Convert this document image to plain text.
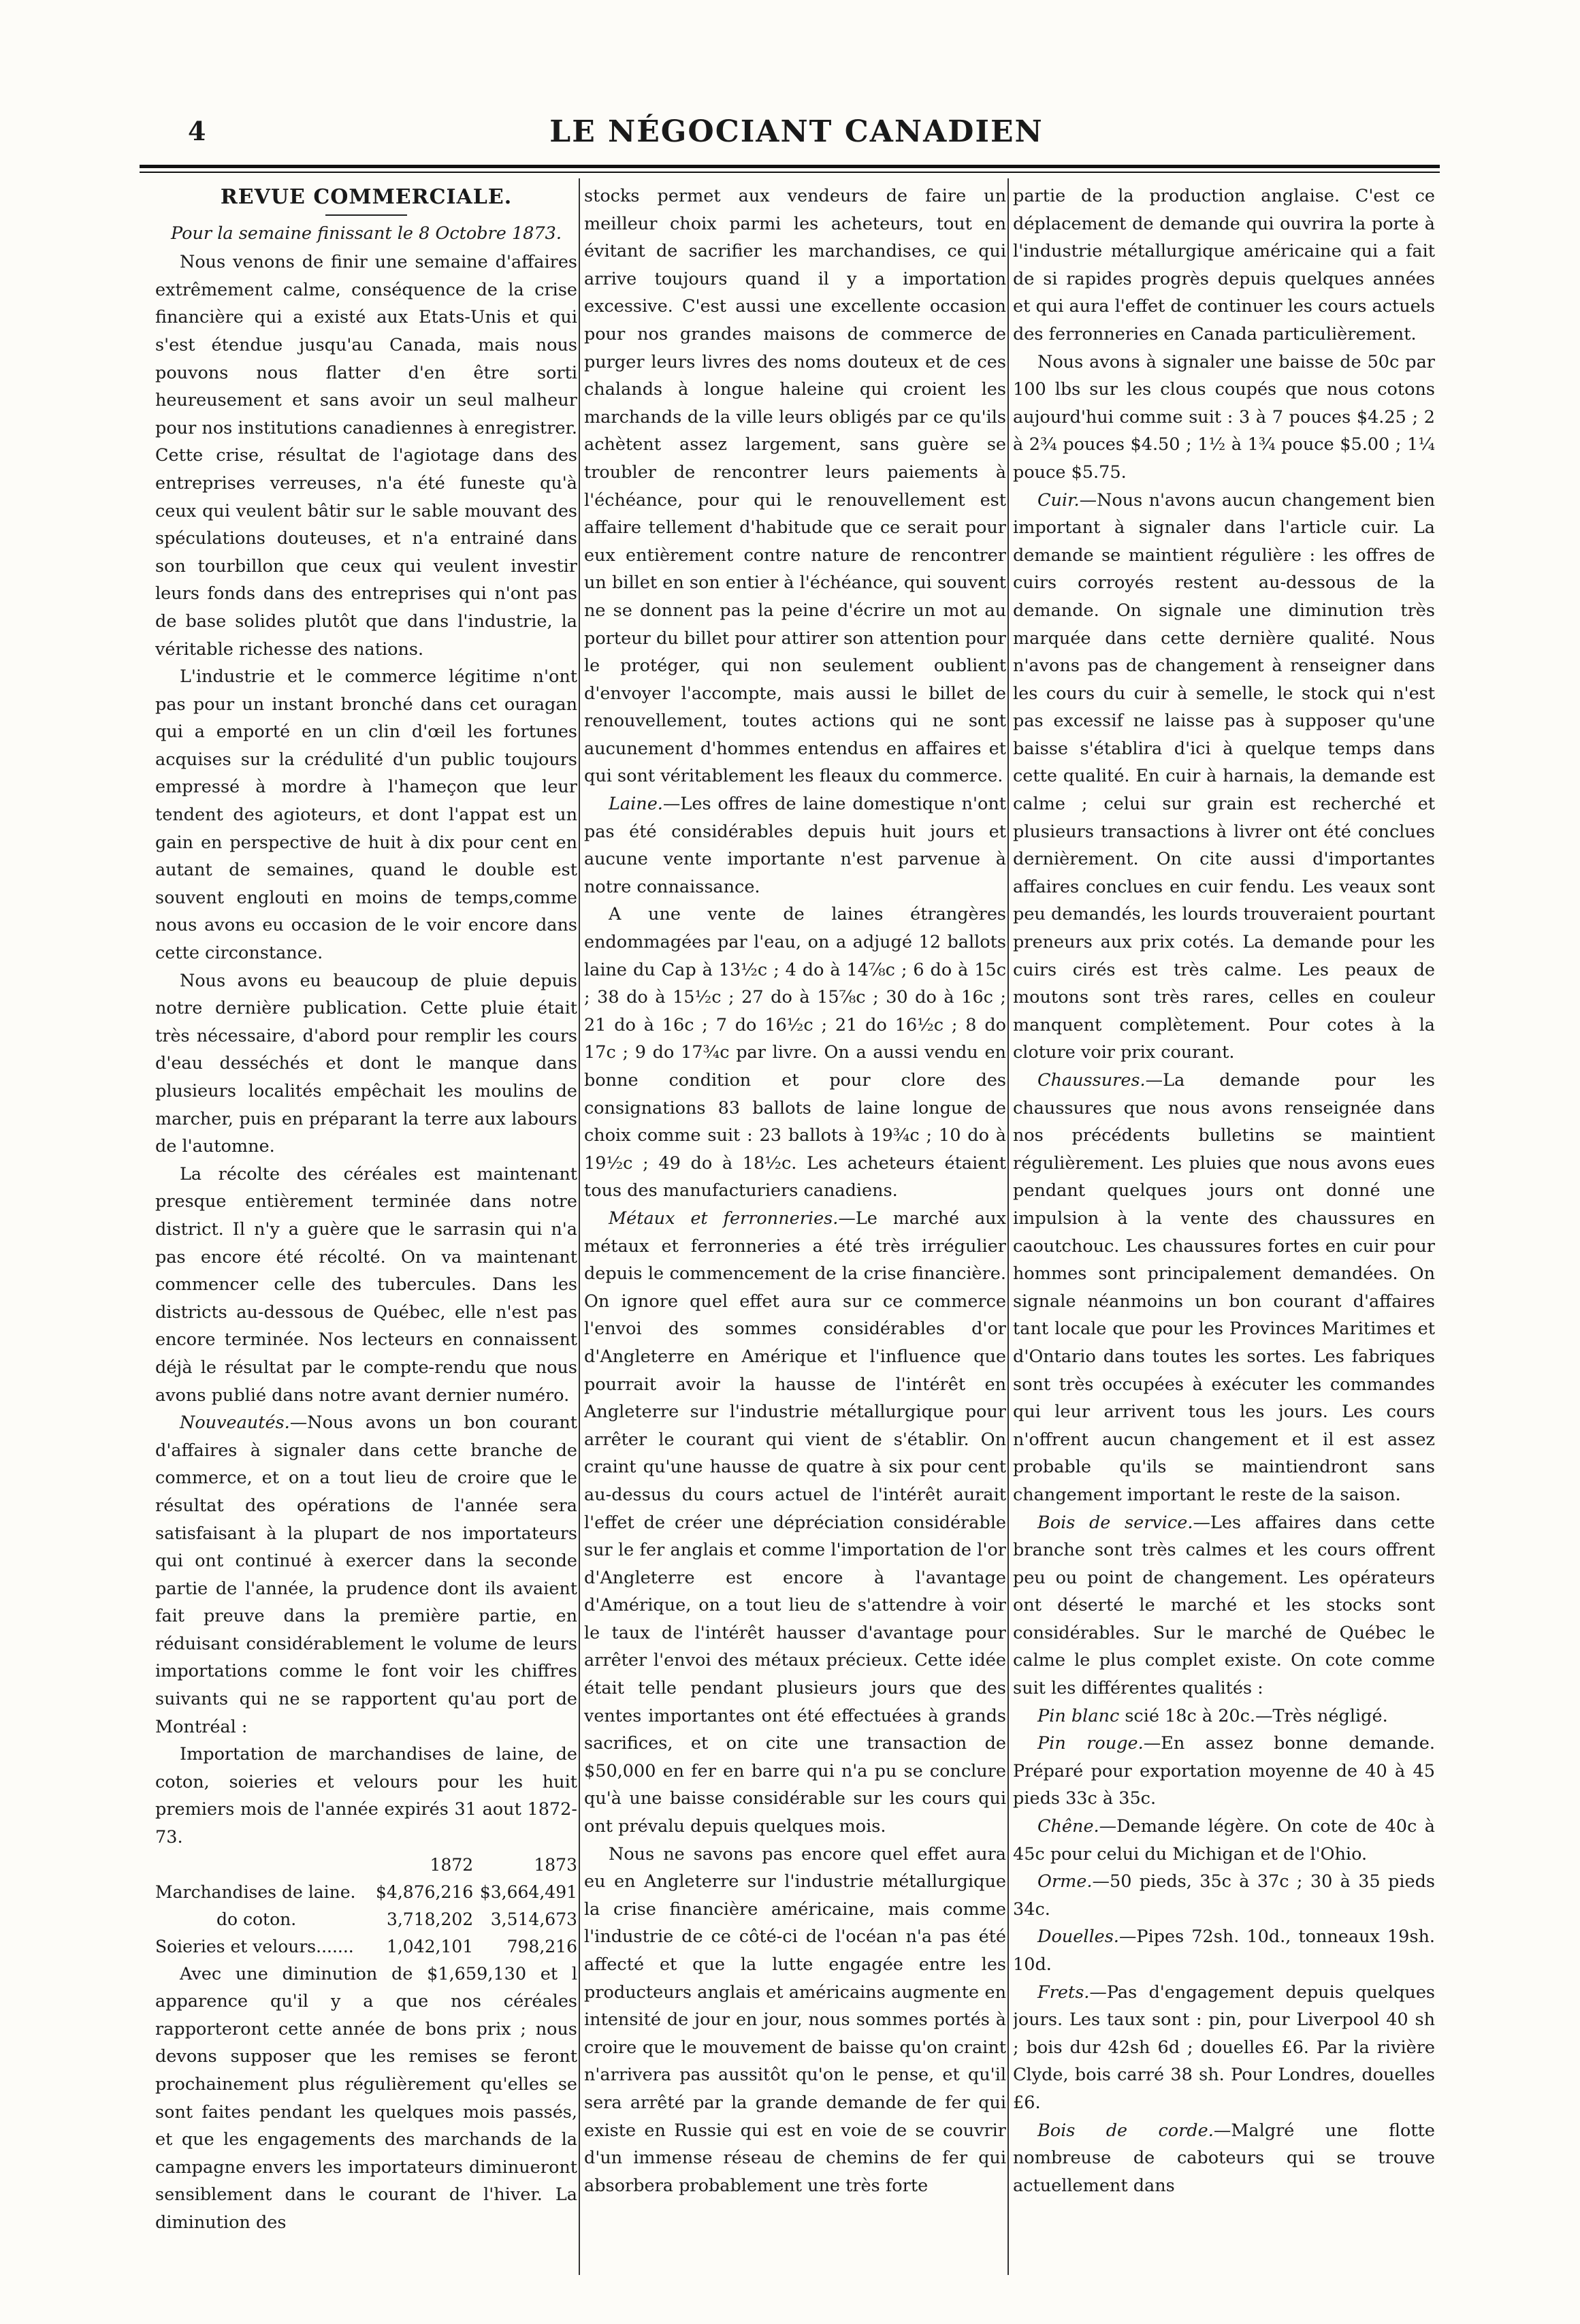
4	LE NÉGOCIANT CANADIEN
REVUE COMMERCIALE.
Pour la semaine finissant le 8 Octobre 1873.

Nous venons de finir une semaine d'affaires extrêmement calme, conséquence de la crise financière qui a existé aux Etats-Unis et qui s'est étendue jusqu'au Canada, mais nous pouvons nous flatter d'en être sorti heureusement et sans avoir un seul malheur pour nos institutions canadiennes à enregistrer. Cette crise, résultat de l'agiotage dans des entreprises verreuses, n'a été funeste qu'à ceux qui veulent bâtir sur le sable mouvant des spéculations douteuses, et n'a entrainé dans son tourbillon que ceux qui veulent investir leurs fonds dans des entreprises qui n'ont pas de base solides plutôt que dans l'industrie, la véritable richesse des nations.

L'industrie et le commerce légitime n'ont pas pour un instant bronché dans cet ouragan qui a emporté en un clin d'œil les fortunes acquises sur la crédulité d'un public toujours empressé à mordre à l'hameçon que leur tendent des agioteurs, et dont l'appat est un gain en perspective de huit à dix pour cent en autant de semaines, quand le double est souvent englouti en moins de temps,comme nous avons eu occasion de le voir encore dans cette circonstance.

Nous avons eu beaucoup de pluie depuis notre dernière publication. Cette pluie était très nécessaire, d'abord pour remplir les cours d'eau desséchés et dont le manque dans plusieurs localités empêchait les moulins de marcher, puis en préparant la terre aux labours de l'automne.

La récolte des céréales est maintenant presque entièrement terminée dans notre district. Il n'y a guère que le sarrasin qui n'a pas encore été récolté. On va maintenant commencer celle des tubercules. Dans les districts au-dessous de Québec, elle n'est pas encore terminée. Nos lecteurs en connaissent déjà le résultat par le compte-rendu que nous avons publié dans notre avant dernier numéro.

Nouveautés.—Nous avons un bon courant d'affaires à signaler dans cette branche de commerce, et on a tout lieu de croire que le résultat des opérations de l'année sera satisfaisant à la plupart de nos importateurs qui ont continué à exercer dans la seconde partie de l'année, la prudence dont ils avaient fait preuve dans la première partie, en réduisant considérablement le volume de leurs importations comme le font voir les chiffres suivants qui ne se rapportent qu'au port de Montréal :

Importation de marchandises de laine, de coton, soieries et velours pour les huit premiers mois de l'année expirés 31 aout 1872-73.

	1872	1873
Marchandises de laine.	$4,876,216	$3,664,491
do coton.	3,718,202	3,514,673
Soieries et velours.......	1,042,101	798,216

Avec une diminution de $1,659,130 et l apparence qu'il y a que nos céréales rapporteront cette année de bons prix ; nous devons supposer que les remises se feront prochainement plus régulièrement qu'elles se sont faites pendant les quelques mois passés, et que les engagements des marchands de la campagne envers les importateurs diminueront sensiblement dans le courant de l'hiver. La diminution des

stocks permet aux vendeurs de faire un meilleur choix parmi les acheteurs, tout en évitant de sacrifier les marchandises, ce qui arrive toujours quand il y a importation excessive. C'est aussi une excellente occasion pour nos grandes maisons de commerce de purger leurs livres des noms douteux et de ces chalands à longue haleine qui croient les marchands de la ville leurs obligés par ce qu'ils achètent assez largement, sans guère se troubler de rencontrer leurs paiements à l'échéance, pour qui le renouvellement est affaire tellement d'habitude que ce serait pour eux entièrement contre nature de rencontrer un billet en son entier à l'échéance, qui souvent ne se donnent pas la peine d'écrire un mot au porteur du billet pour attirer son attention pour le protéger, qui non seulement oublient d'envoyer l'accompte, mais aussi le billet de renouvellement, toutes actions qui ne sont aucunement d'hommes entendus en affaires et qui sont véritablement les fleaux du commerce.

Laine.—Les offres de laine domestique n'ont pas été considérables depuis huit jours et aucune vente importante n'est parvenue à notre connaissance.

A une vente de laines étrangères endommagées par l'eau, on a adjugé 12 ballots laine du Cap à 13½c ; 4 do à 14⅞c ; 6 do à 15c ; 38 do à 15½c ; 27 do à 15⅞c ; 30 do à 16c ; 21 do à 16c ; 7 do 16½c ; 21 do 16½c ; 8 do 17c ; 9 do 17¾c par livre. On a aussi vendu en bonne condition et pour clore des consignations 83 ballots de laine longue de choix comme suit : 23 ballots à 19¾c ; 10 do à 19½c ; 49 do à 18½c. Les acheteurs étaient tous des manufacturiers canadiens.

Métaux et ferronneries.—Le marché aux métaux et ferronneries a été très irrégulier depuis le commencement de la crise financière. On ignore quel effet aura sur ce commerce l'envoi des sommes considérables d'or d'Angleterre en Amérique et l'influence que pourrait avoir la hausse de l'intérêt en Angleterre sur l'industrie métallurgique pour arrêter le courant qui vient de s'établir. On craint qu'une hausse de quatre à six pour cent au-dessus du cours actuel de l'intérêt aurait l'effet de créer une dépréciation considérable sur le fer anglais et comme l'importation de l'or d'Angleterre est encore à l'avantage d'Amérique, on a tout lieu de s'attendre à voir le taux de l'intérêt hausser d'avantage pour arrêter l'envoi des métaux précieux. Cette idée était telle pendant plusieurs jours que des ventes importantes ont été effectuées à grands sacrifices, et on cite une transaction de $50,000 en fer en barre qui n'a pu se conclure qu'à une baisse considérable sur les cours qui ont prévalu depuis quelques mois.

Nous ne savons pas encore quel effet aura eu en Angleterre sur l'industrie métallurgique la crise financière américaine, mais comme l'industrie de ce côté-ci de l'océan n'a pas été affecté et que la lutte engagée entre les producteurs anglais et américains augmente en intensité de jour en jour, nous sommes portés à croire que le mouvement de baisse qu'on craint n'arrivera pas aussitôt qu'on le pense, et qu'il sera arrêté par la grande demande de fer qui existe en Russie qui est en voie de se couvrir d'un immense réseau de chemins de fer qui absorbera probablement une très forte

partie de la production anglaise. C'est ce déplacement de demande qui ouvrira la porte à l'industrie métallurgique américaine qui a fait de si rapides progrès depuis quelques années et qui aura l'effet de continuer les cours actuels des ferronneries en Canada particulièrement.

Nous avons à signaler une baisse de 50c par 100 lbs sur les clous coupés que nous cotons aujourd'hui comme suit : 3 à 7 pouces $4.25 ; 2 à 2¾ pouces $4.50 ; 1½ à 1¾ pouce $5.00 ; 1¼ pouce $5.75.

Cuir.—Nous n'avons aucun changement bien important à signaler dans l'article cuir. La demande se maintient régulière : les offres de cuirs corroyés restent au-dessous de la demande. On signale une diminution très marquée dans cette dernière qualité. Nous n'avons pas de changement à renseigner dans les cours du cuir à semelle, le stock qui n'est pas excessif ne laisse pas à supposer qu'une baisse s'établira d'ici à quelque temps dans cette qualité. En cuir à harnais, la demande est calme ; celui sur grain est recherché et plusieurs transactions à livrer ont été conclues dernièrement. On cite aussi d'importantes affaires conclues en cuir fendu. Les veaux sont peu demandés, les lourds trouveraient pourtant preneurs aux prix cotés. La demande pour les cuirs cirés est très calme. Les peaux de moutons sont très rares, celles en couleur manquent complètement. Pour cotes à la cloture voir prix courant.

Chaussures.—La demande pour les chaussures que nous avons renseignée dans nos précédents bulletins se maintient régulièrement. Les pluies que nous avons eues pendant quelques jours ont donné une impulsion à la vente des chaussures en caoutchouc. Les chaussures fortes en cuir pour hommes sont principalement demandées. On signale néanmoins un bon courant d'affaires tant locale que pour les Provinces Maritimes et d'Ontario dans toutes les sortes. Les fabriques sont très occupées à exécuter les commandes qui leur arrivent tous les jours. Les cours n'offrent aucun changement et il est assez probable qu'ils se maintiendront sans changement important le reste de la saison.

Bois de service.—Les affaires dans cette branche sont très calmes et les cours offrent peu ou point de changement. Les opérateurs ont déserté le marché et les stocks sont considérables. Sur le marché de Québec le calme le plus complet existe. On cote comme suit les différentes qualités :

Pin blanc scié 18c à 20c.—Très négligé.

Pin rouge.—En assez bonne demande. Préparé pour exportation moyenne de 40 à 45 pieds 33c à 35c.

Chêne.—Demande légère. On cote de 40c à 45c pour celui du Michigan et de l'Ohio.

Orme.—50 pieds, 35c à 37c ; 30 à 35 pieds 34c.

Douelles.—Pipes 72sh. 10d., tonneaux 19sh. 10d.

Frets.—Pas d'engagement depuis quelques jours. Les taux sont : pin, pour Liverpool 40 sh ; bois dur 42sh 6d ; douelles £6. Par la rivière Clyde, bois carré 38 sh. Pour Londres, douelles £6.

Bois de corde.—Malgré une flotte nombreuse de caboteurs qui se trouve actuellement dans
